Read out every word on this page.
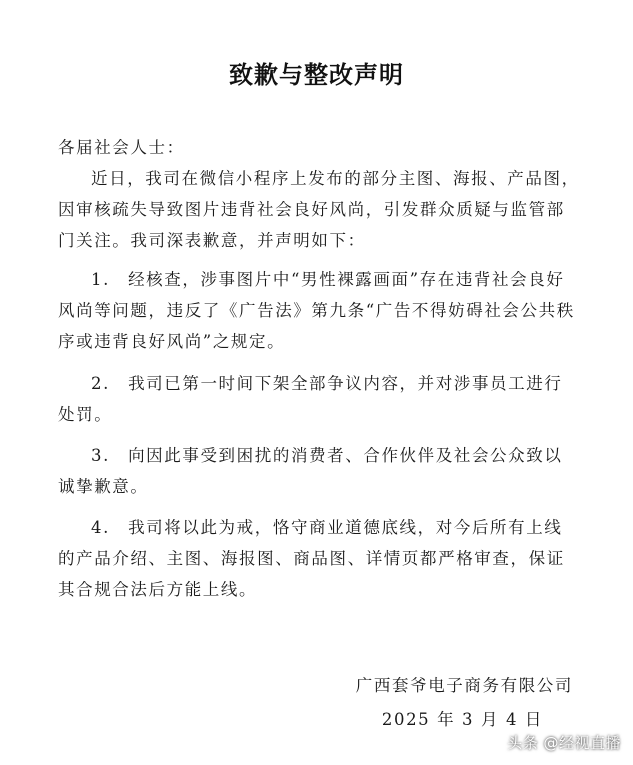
致歉与整改声明
各届社会人士：
近日，我司在微信小程序上发布的部分主图、海报、产品图，因审核疏失导致图片违背社会良好风尚，引发群众质疑与监管部门关注。我司深表歉意，并声明如下：
1.　 经核查，涉事图片中“男性裸露画面”存在违背社会良好风尚等问题，违反了《广告法》第九条“广告不得妨碍社会公共秩序或违背良好风尚”之规定。
2.　 我司已第一时间下架全部争议内容，并对涉事员工进行处罚。
3.　 向因此事受到困扰的消费者、合作伙伴及社会公众致以诚挚歉意。
4.　 我司将以此为戒，恪守商业道德底线，对今后所有上线的产品介绍、主图、海报图、商品图、详情页都严格审查，保证其合规合法后方能上线。
广西套爷电子商务有限公司
2025 年 3 月 4 日
头条 @经视直播
